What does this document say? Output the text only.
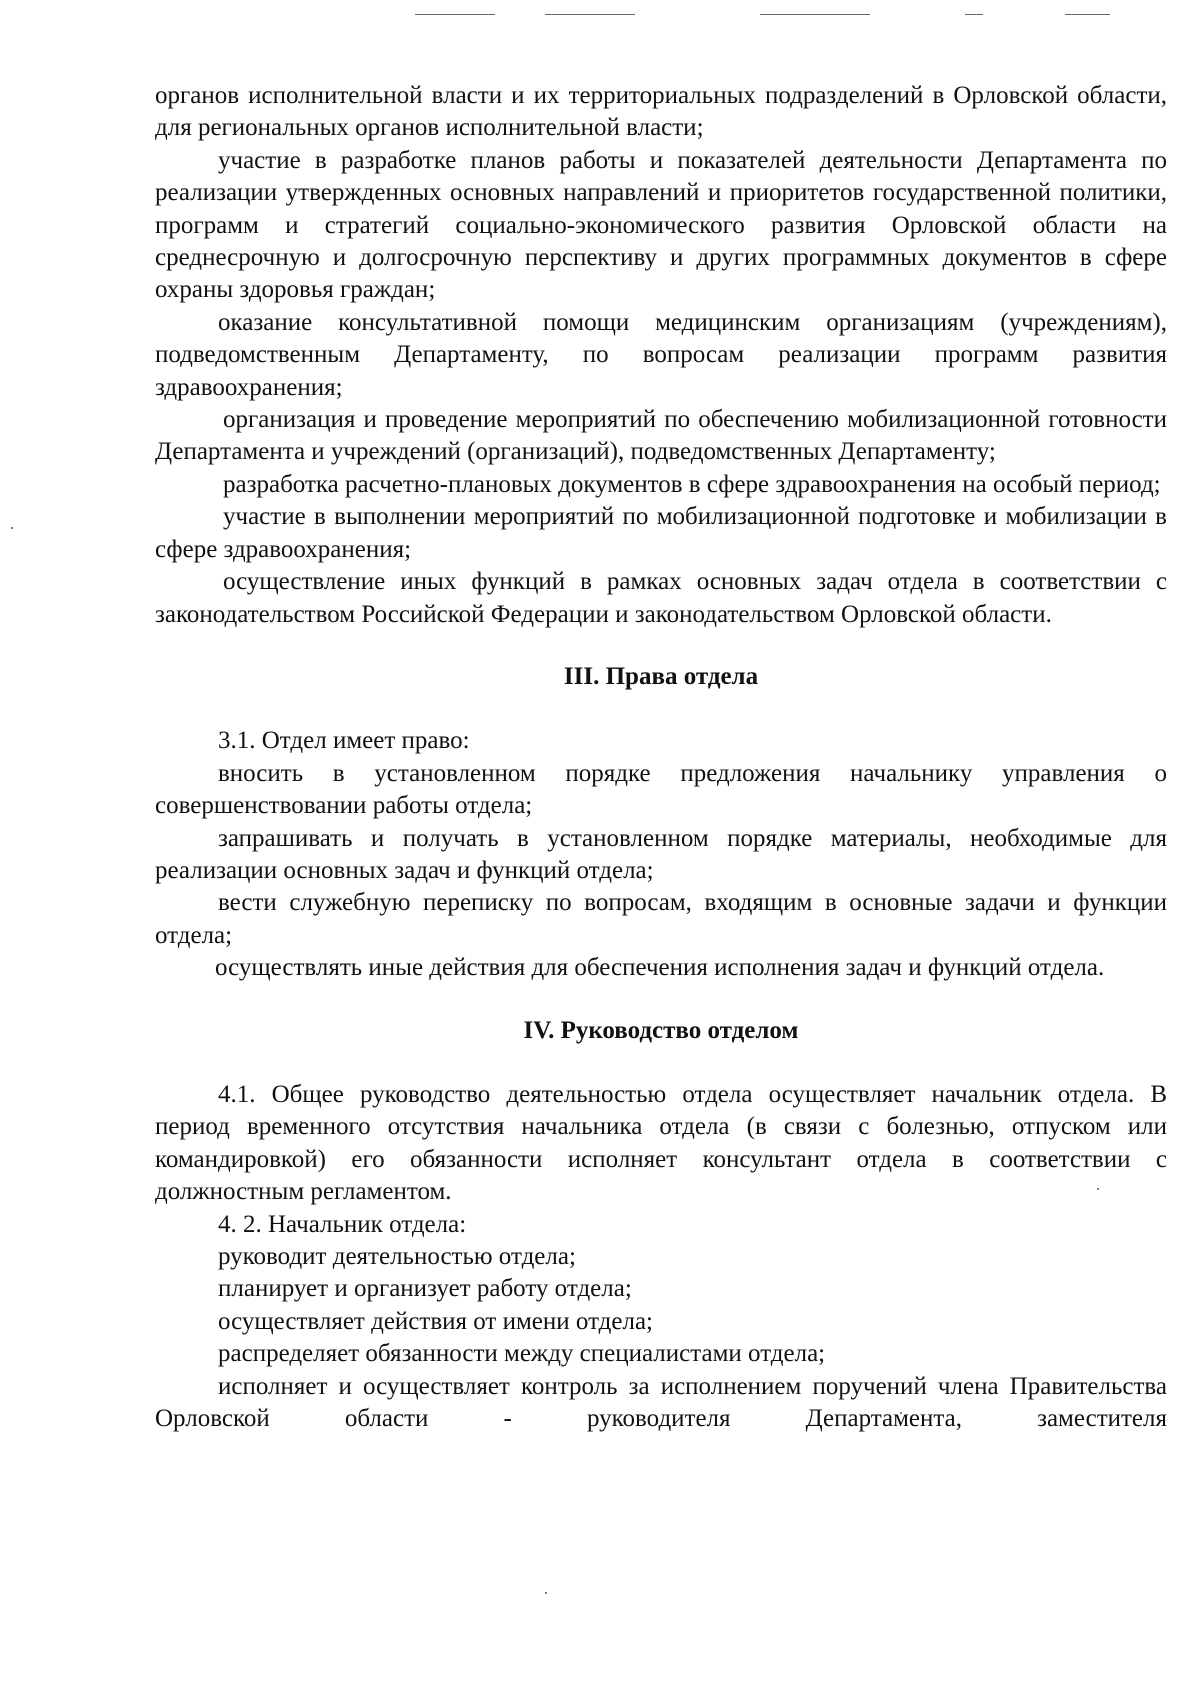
органов исполнительной власти и их территориальных подразделений в Орловской области, для региональных органов исполнительной власти;

участие в разработке планов работы и показателей деятельности Департамента по реализации утвержденных основных направлений и приоритетов государственной политики, программ и стратегий социально-экономического развития Орловской области на среднесрочную и долгосрочную перспективу и других программных документов в сфере охраны здоровья граждан;

оказание консультативной помощи медицинским организациям (учреждениям), подведомственным Департаменту, по вопросам реализации программ развития здравоохранения;

организация и проведение мероприятий по обеспечению мобилизационной готовности Департамента и учреждений (организаций), подведомственных Департаменту;

разработка расчетно-плановых документов в сфере здравоохранения на особый период;

участие в выполнении мероприятий по мобилизационной подготовке и мобилизации в сфере здравоохранения;

осуществление иных функций в рамках основных задач отдела в соответствии с законодательством Российской Федерации и законодательством Орловской области.

III. Права отдела

3.1. Отдел имеет право:

вносить в установленном порядке предложения начальнику управления о совершенствовании работы отдела;

запрашивать и получать в установленном порядке материалы, необходимые для реализации основных задач и функций отдела;

вести служебную переписку по вопросам, входящим в основные задачи и функции отдела;

осуществлять иные действия для обеспечения исполнения задач и функций отдела.

IV. Руководство отделом

4.1. Общее руководство деятельностью отдела осуществляет начальник отдела. В период временного отсутствия начальника отдела (в связи с болезнью, отпуском или командировкой) его обязанности исполняет консультант отдела в соответствии с должностным регламентом.

4. 2. Начальник отдела:

руководит деятельностью отдела;

планирует и организует работу отдела;

осуществляет действия от имени отдела;

распределяет обязанности между специалистами отдела;

исполняет и осуществляет контроль за исполнением поручений члена Правительства Орловской области - руководителя Департамента, заместителя
